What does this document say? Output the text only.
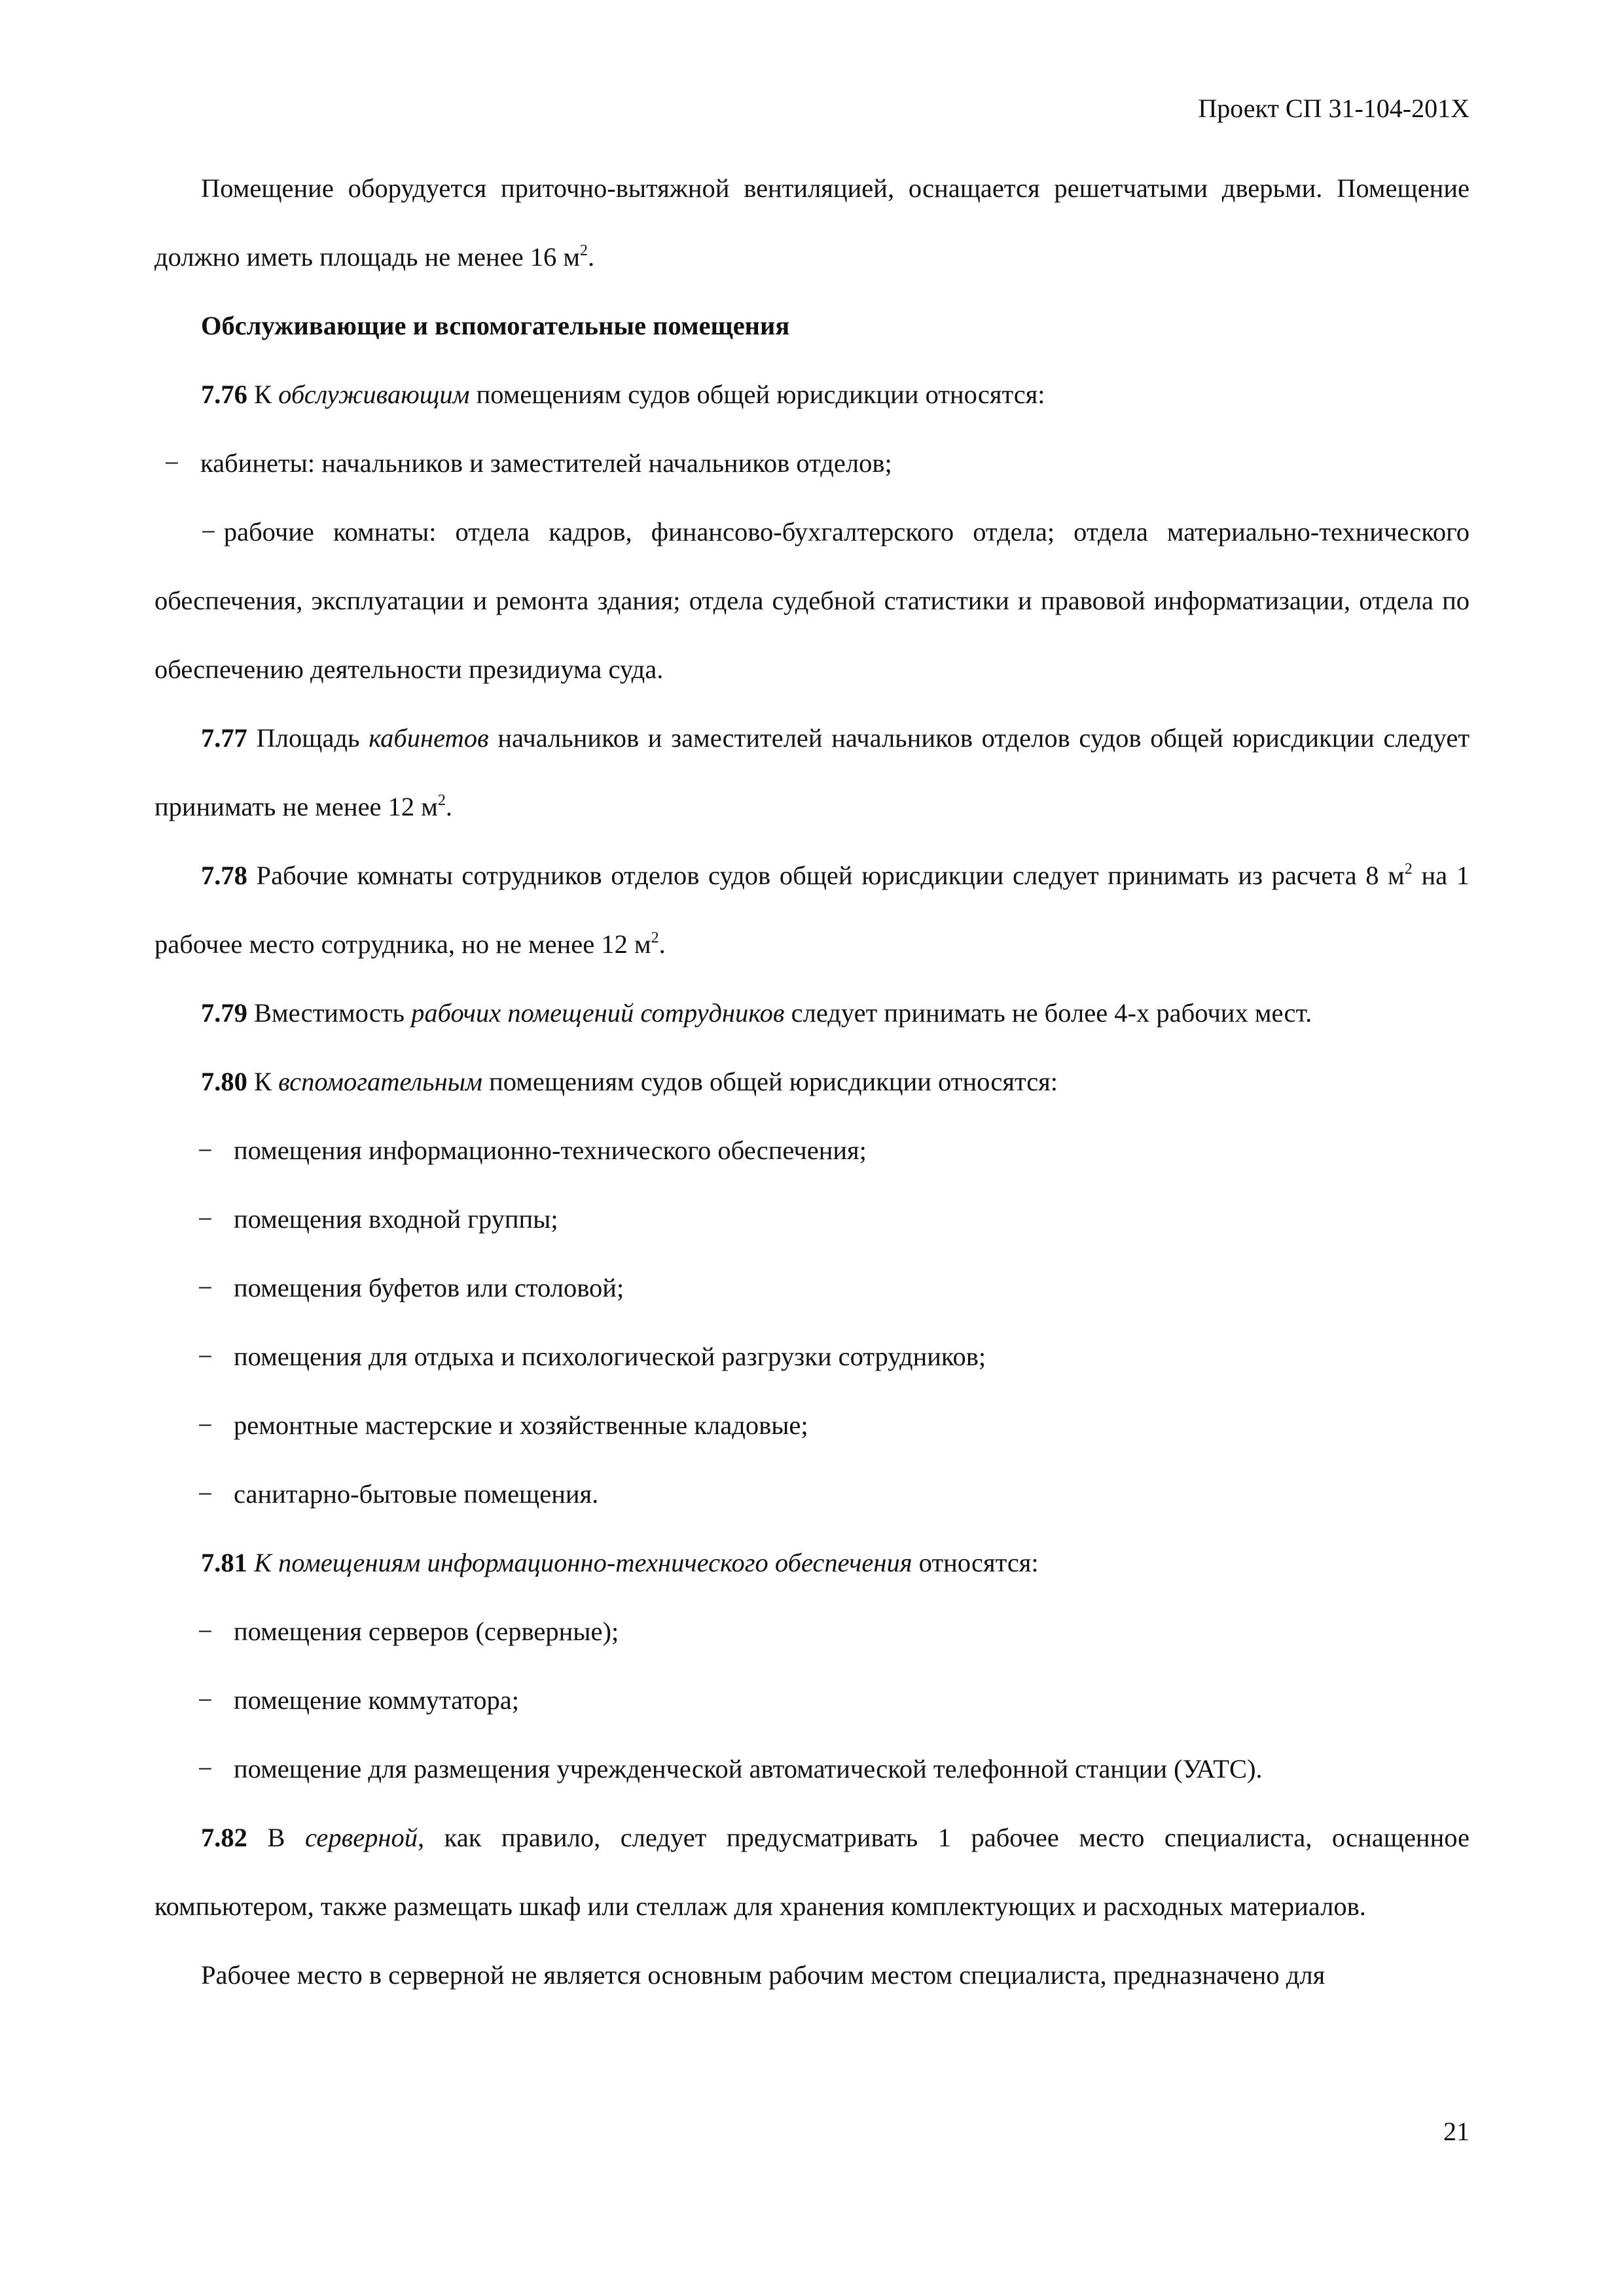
Проект СП 31-104-201Х

Помещение оборудуется приточно-вытяжной вентиляцией, оснащается решетчатыми дверьми. Помещение должно иметь площадь не менее 16 $м^2$.

Обслуживающие и вспомогательные помещения

7.76 К обслуживающим помещениям судов общей юрисдикции относятся:

− кабинеты: начальников и заместителей начальников отделов;

− рабочие комнаты: отдела кадров, финансово-бухгалтерского отдела; отдела материально-технического обеспечения, эксплуатации и ремонта здания; отдела судебной статистики и правовой информатизации, отдела по обеспечению деятельности президиума суда.

7.77 Площадь кабинетов начальников и заместителей начальников отделов судов общей юрисдикции следует принимать не менее 12 $м^2$.

7.78 Рабочие комнаты сотрудников отделов судов общей юрисдикции следует принимать из расчета 8 $м^2$ на 1 рабочее место сотрудника, но не менее 12 $м^2$.

7.79 Вместимость рабочих помещений сотрудников следует принимать не более 4-х рабочих мест.

7.80 К вспомогательным помещениям судов общей юрисдикции относятся:

− помещения информационно-технического обеспечения;

− помещения входной группы;

− помещения буфетов или столовой;

− помещения для отдыха и психологической разгрузки сотрудников;

− ремонтные мастерские и хозяйственные кладовые;

− санитарно-бытовые помещения.

7.81 К помещениям информационно-технического обеспечения относятся:

− помещения серверов (серверные);

− помещение коммутатора;

− помещение для размещения учрежденческой автоматической телефонной станции (УАТС).

7.82 В серверной, как правило, следует предусматривать 1 рабочее место специалиста, оснащенное компьютером, также размещать шкаф или стеллаж для хранения комплектующих и расходных материалов.

Рабочее место в серверной не является основным рабочим местом специалиста, предназначено для

21
